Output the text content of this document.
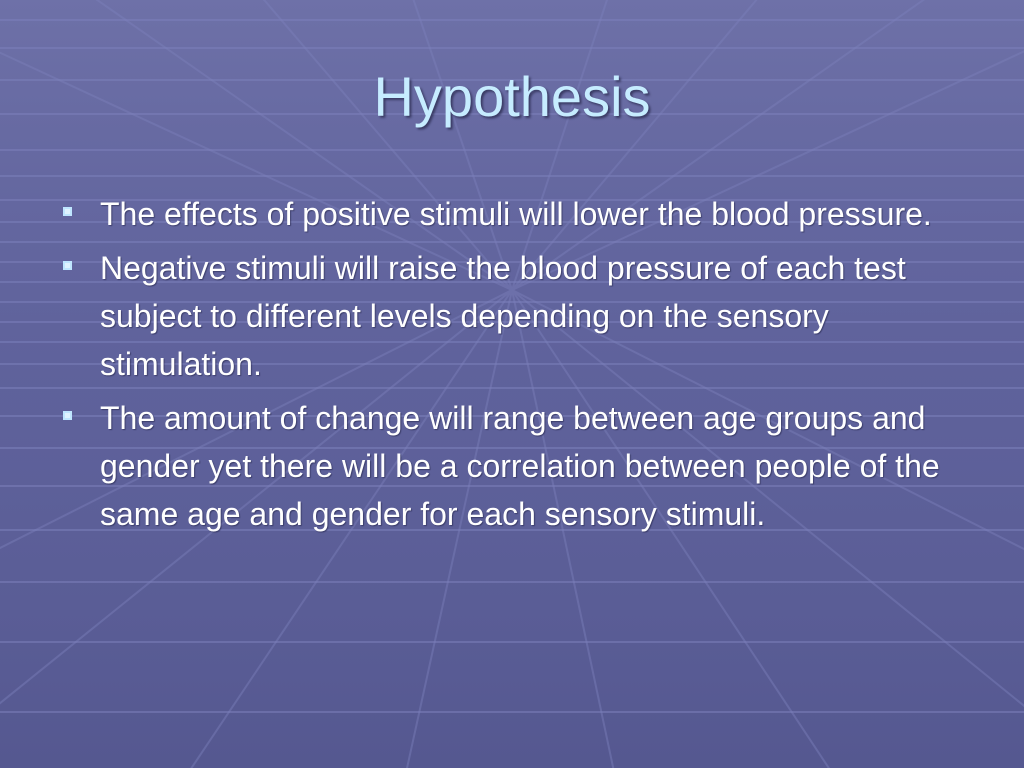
Hypothesis
The effects of positive stimuli will lower the blood pressure.
Negative stimuli will raise the blood pressure of each test subject to different levels depending on the sensory stimulation.
The amount of change will range between age groups and gender yet there will be a correlation between people of the same age and gender for each sensory stimuli.
